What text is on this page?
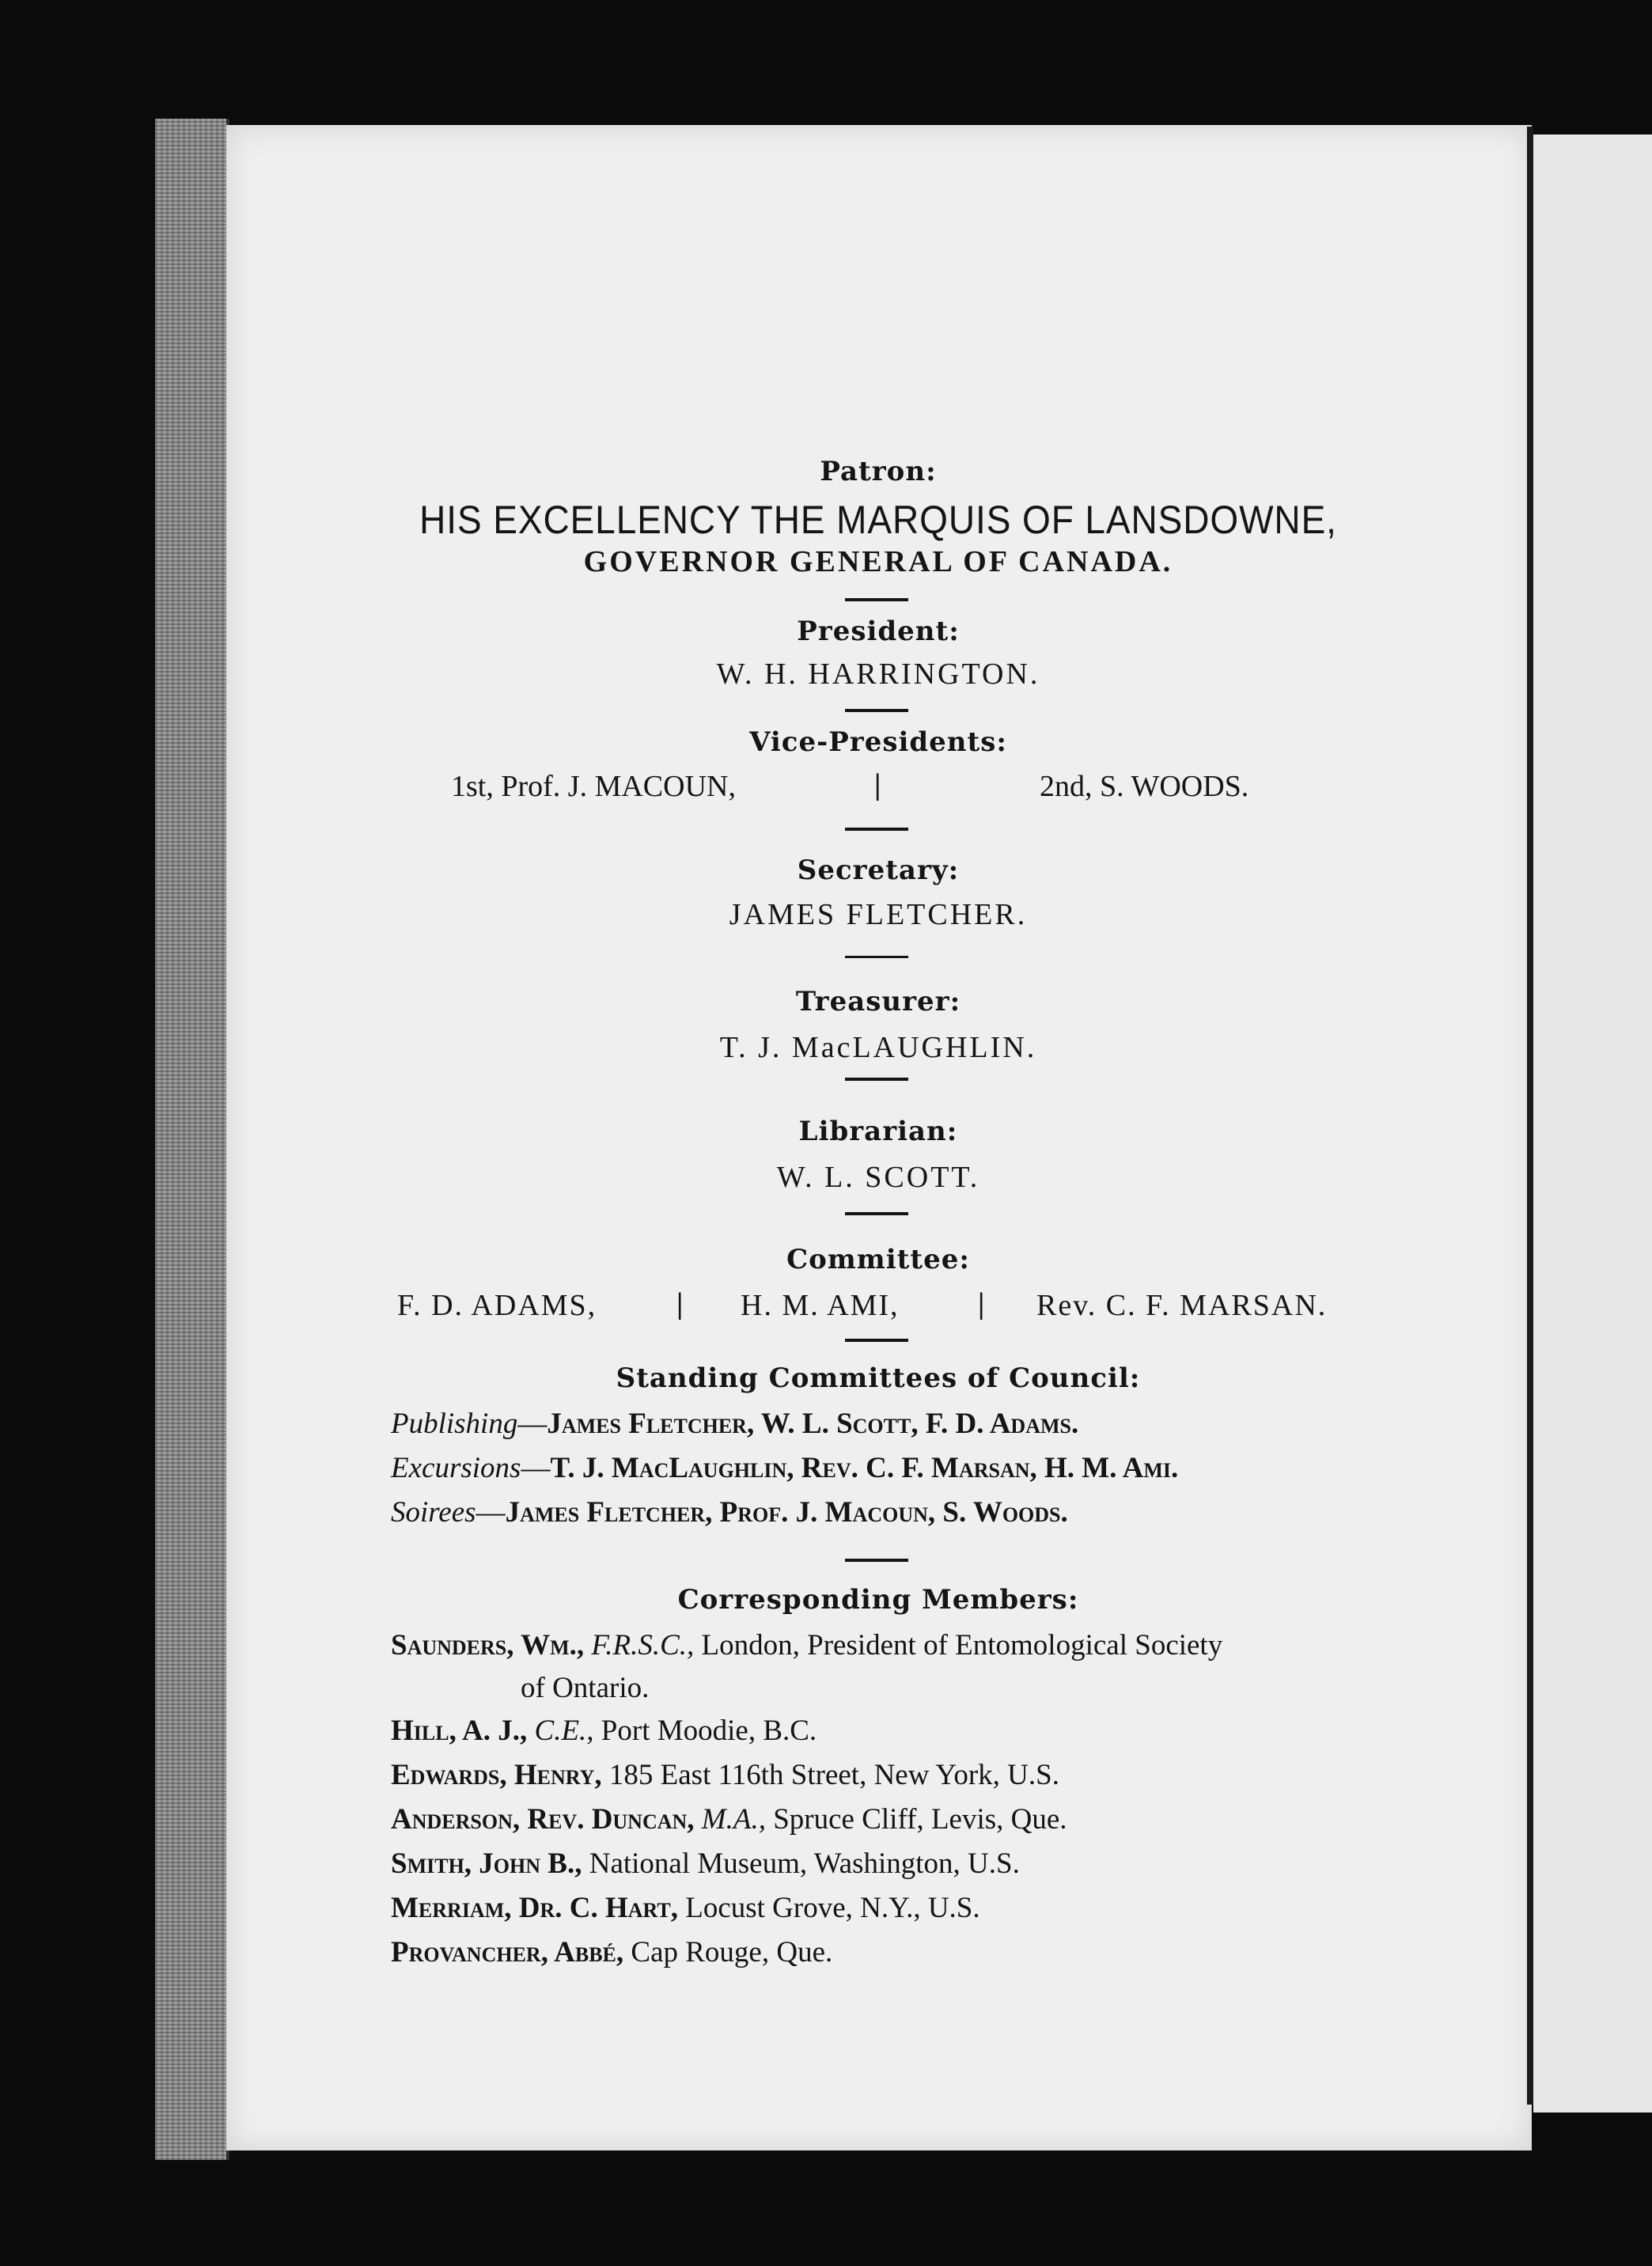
Patron:
HIS EXCELLENCY THE MARQUIS OF LANSDOWNE,
GOVERNOR GENERAL OF CANADA.
President:
W. H. HARRINGTON.
Vice-Presidents:
1st, Prof. J. MACOUN,	|	2nd, S. WOODS.
Secretary:
JAMES FLETCHER.
Treasurer:
T. J. MacLAUGHLIN.
Librarian:
W. L. SCOTT.
Committee:
F. D. ADAMS,	| H. M. AMI,	| Rev. C. F. MARSAN.
Standing Committees of Council:
Publishing—James Fletcher, W. L. Scott, F. D. Adams.
Excursions—T. J. MacLaughlin, Rev. C. F. Marsan, H. M. Ami.
Soirees—James Fletcher, Prof. J. Macoun, S. Woods.
Corresponding Members:
Saunders, Wm., F.R.S.C., London, President of Entomological Society
of Ontario.
Hill, A. J., C.E., Port Moodie, B.C.
Edwards, Henry, 185 East 116th Street, New York, U.S.
Anderson, Rev. Duncan, M.A., Spruce Cliff, Levis, Que.
Smith, John B., National Museum, Washington, U.S.
Merriam, Dr. C. Hart, Locust Grove, N.Y., U.S.
Provancher, Abbé, Cap Rouge, Que.
